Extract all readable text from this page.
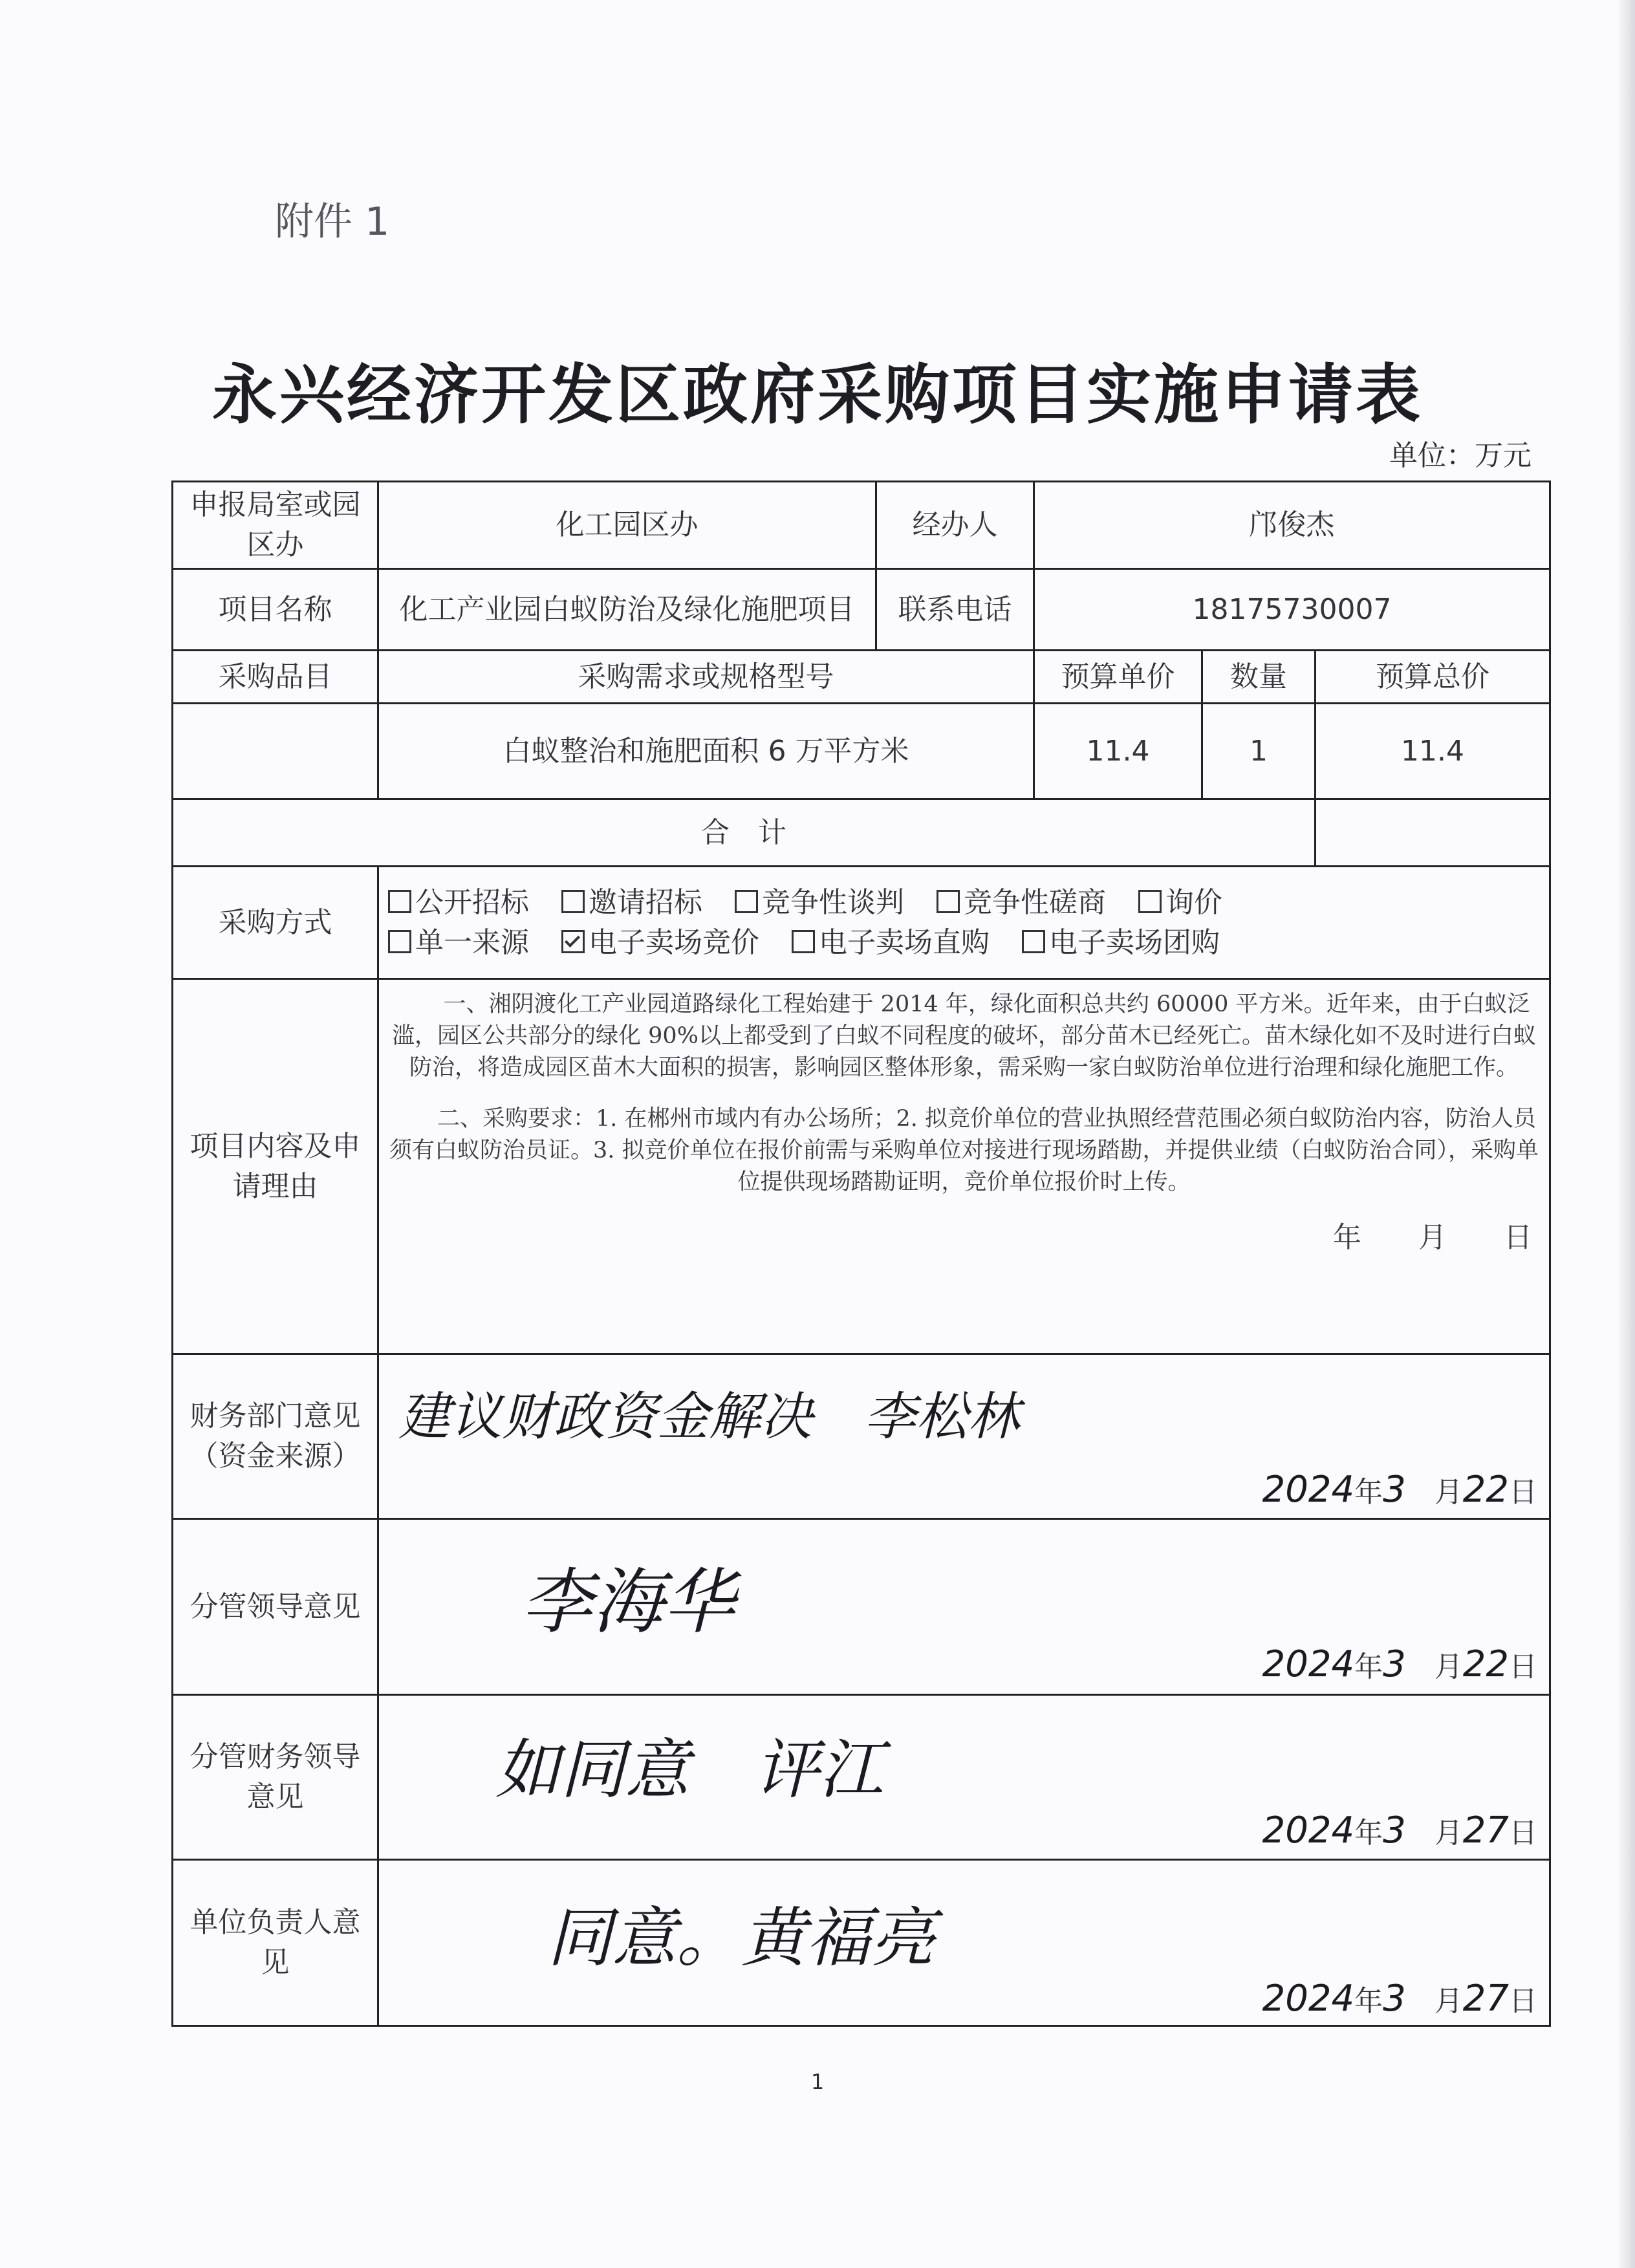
附件 1
永兴经济开发区政府采购项目实施申请表
单位：万元
申报局室或园区办	化工园区办	经办人	邝俊杰		
项目名称	化工产业园白蚁防治及绿化施肥项目	联系电话	18175730007		
采购品目	采购需求或规格型号		预算单价	数量	预算总价
	白蚁整治和施肥面积 6 万平方米		11.4	1	11.4
合　计					
采购方式	公开招标 邀请招标 竞争性谈判 竞争性磋商 询价
单一来源 电子卖场竞价 电子卖场直购 电子卖场团购				

项目内容及申请理由	一、湘阴渡化工产业园道路绿化工程始建于 2014 年，绿化面积总共约 60000 平方米。近年来，由于白蚁泛滥，园区公共部分的绿化 90%以上都受到了白蚁不同程度的破坏，部分苗木已经死亡。苗木绿化如不及时进行白蚁防治，将造成园区苗木大面积的损害，影响园区整体形象，需采购一家白蚁防治单位进行治理和绿化施肥工作。

二、采购要求：1. 在郴州市域内有办公场所；2. 拟竞价单位的营业执照经营范围必须白蚁防治内容，防治人员须有白蚁防治员证。3. 拟竞价单位在报价前需与采购单位对接进行现场踏勘，并提供业绩（白蚁防治合同），采购单位提供现场踏勘证明，竞价单位报价时上传。

年　　月　　日				

财务部门意见（资金来源）	建议财政资金解决　李松林
2024年3　 月22日				

分管领导意见	李海华
2024年3　 月22日				

分管财务领导意见	如同意　评江
2024年3　 月27日				

单位负责人意见	同意。黄福亮
2024年3　 月27日				
1
